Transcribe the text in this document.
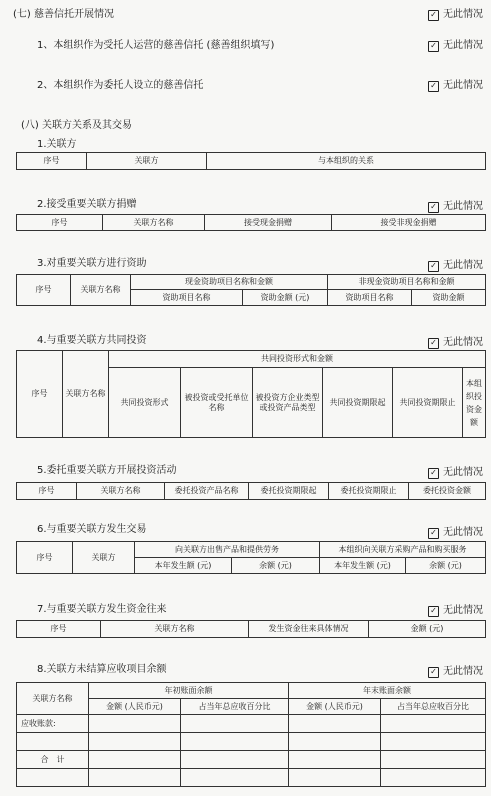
(七) 慈善信托开展情况	✓ 无此情况
1、本组织作为受托人运营的慈善信托 (慈善组织填写)	✓ 无此情况
2、本组织作为委托人设立的慈善信托	✓ 无此情况
(八) 关联方关系及其交易
1.关联方
序号	关联方	与本组织的关系
2.接受重要关联方捐赠	✓ 无此情况
序号	关联方名称	接受现金捐赠	接受非现金捐赠
3.对重要关联方进行资助	✓ 无此情况
序号	关联方名称	现金资助项目名称和金额		非现金资助项目名称和金额	
		资助项目名称	资助金额 (元)	资助项目名称	资助金额
4.与重要关联方共同投资	✓ 无此情况
序号	关联方名称	共同投资形式和金额					
		共同投资形式	被投资或受托单位名称	被投资方企业类型或投资产品类型	共同投资期限起	共同投资期限止	本组织投资金额
5.委托重要关联方开展投资活动	✓ 无此情况
序号	关联方名称	委托投资产品名称	委托投资期限起	委托投资期限止	委托投资金额
6.与重要关联方发生交易	✓ 无此情况
序号	关联方	向关联方出售产品和提供劳务		本组织向关联方采购产品和购买服务	
		本年发生额 (元)	余额 (元)	本年发生额 (元)	余额 (元)
7.与重要关联方发生资金往来	✓ 无此情况
序号	关联方名称	发生资金往来具体情况	金额 (元)
8.关联方未结算应收项目余额	✓ 无此情况
关联方名称	年初账面余额		年末账面余额	
	金额 (人民币元)	占当年总应收百分比	金额 (人民币元)	占当年总应收百分比
应收账款:				

合　计				
